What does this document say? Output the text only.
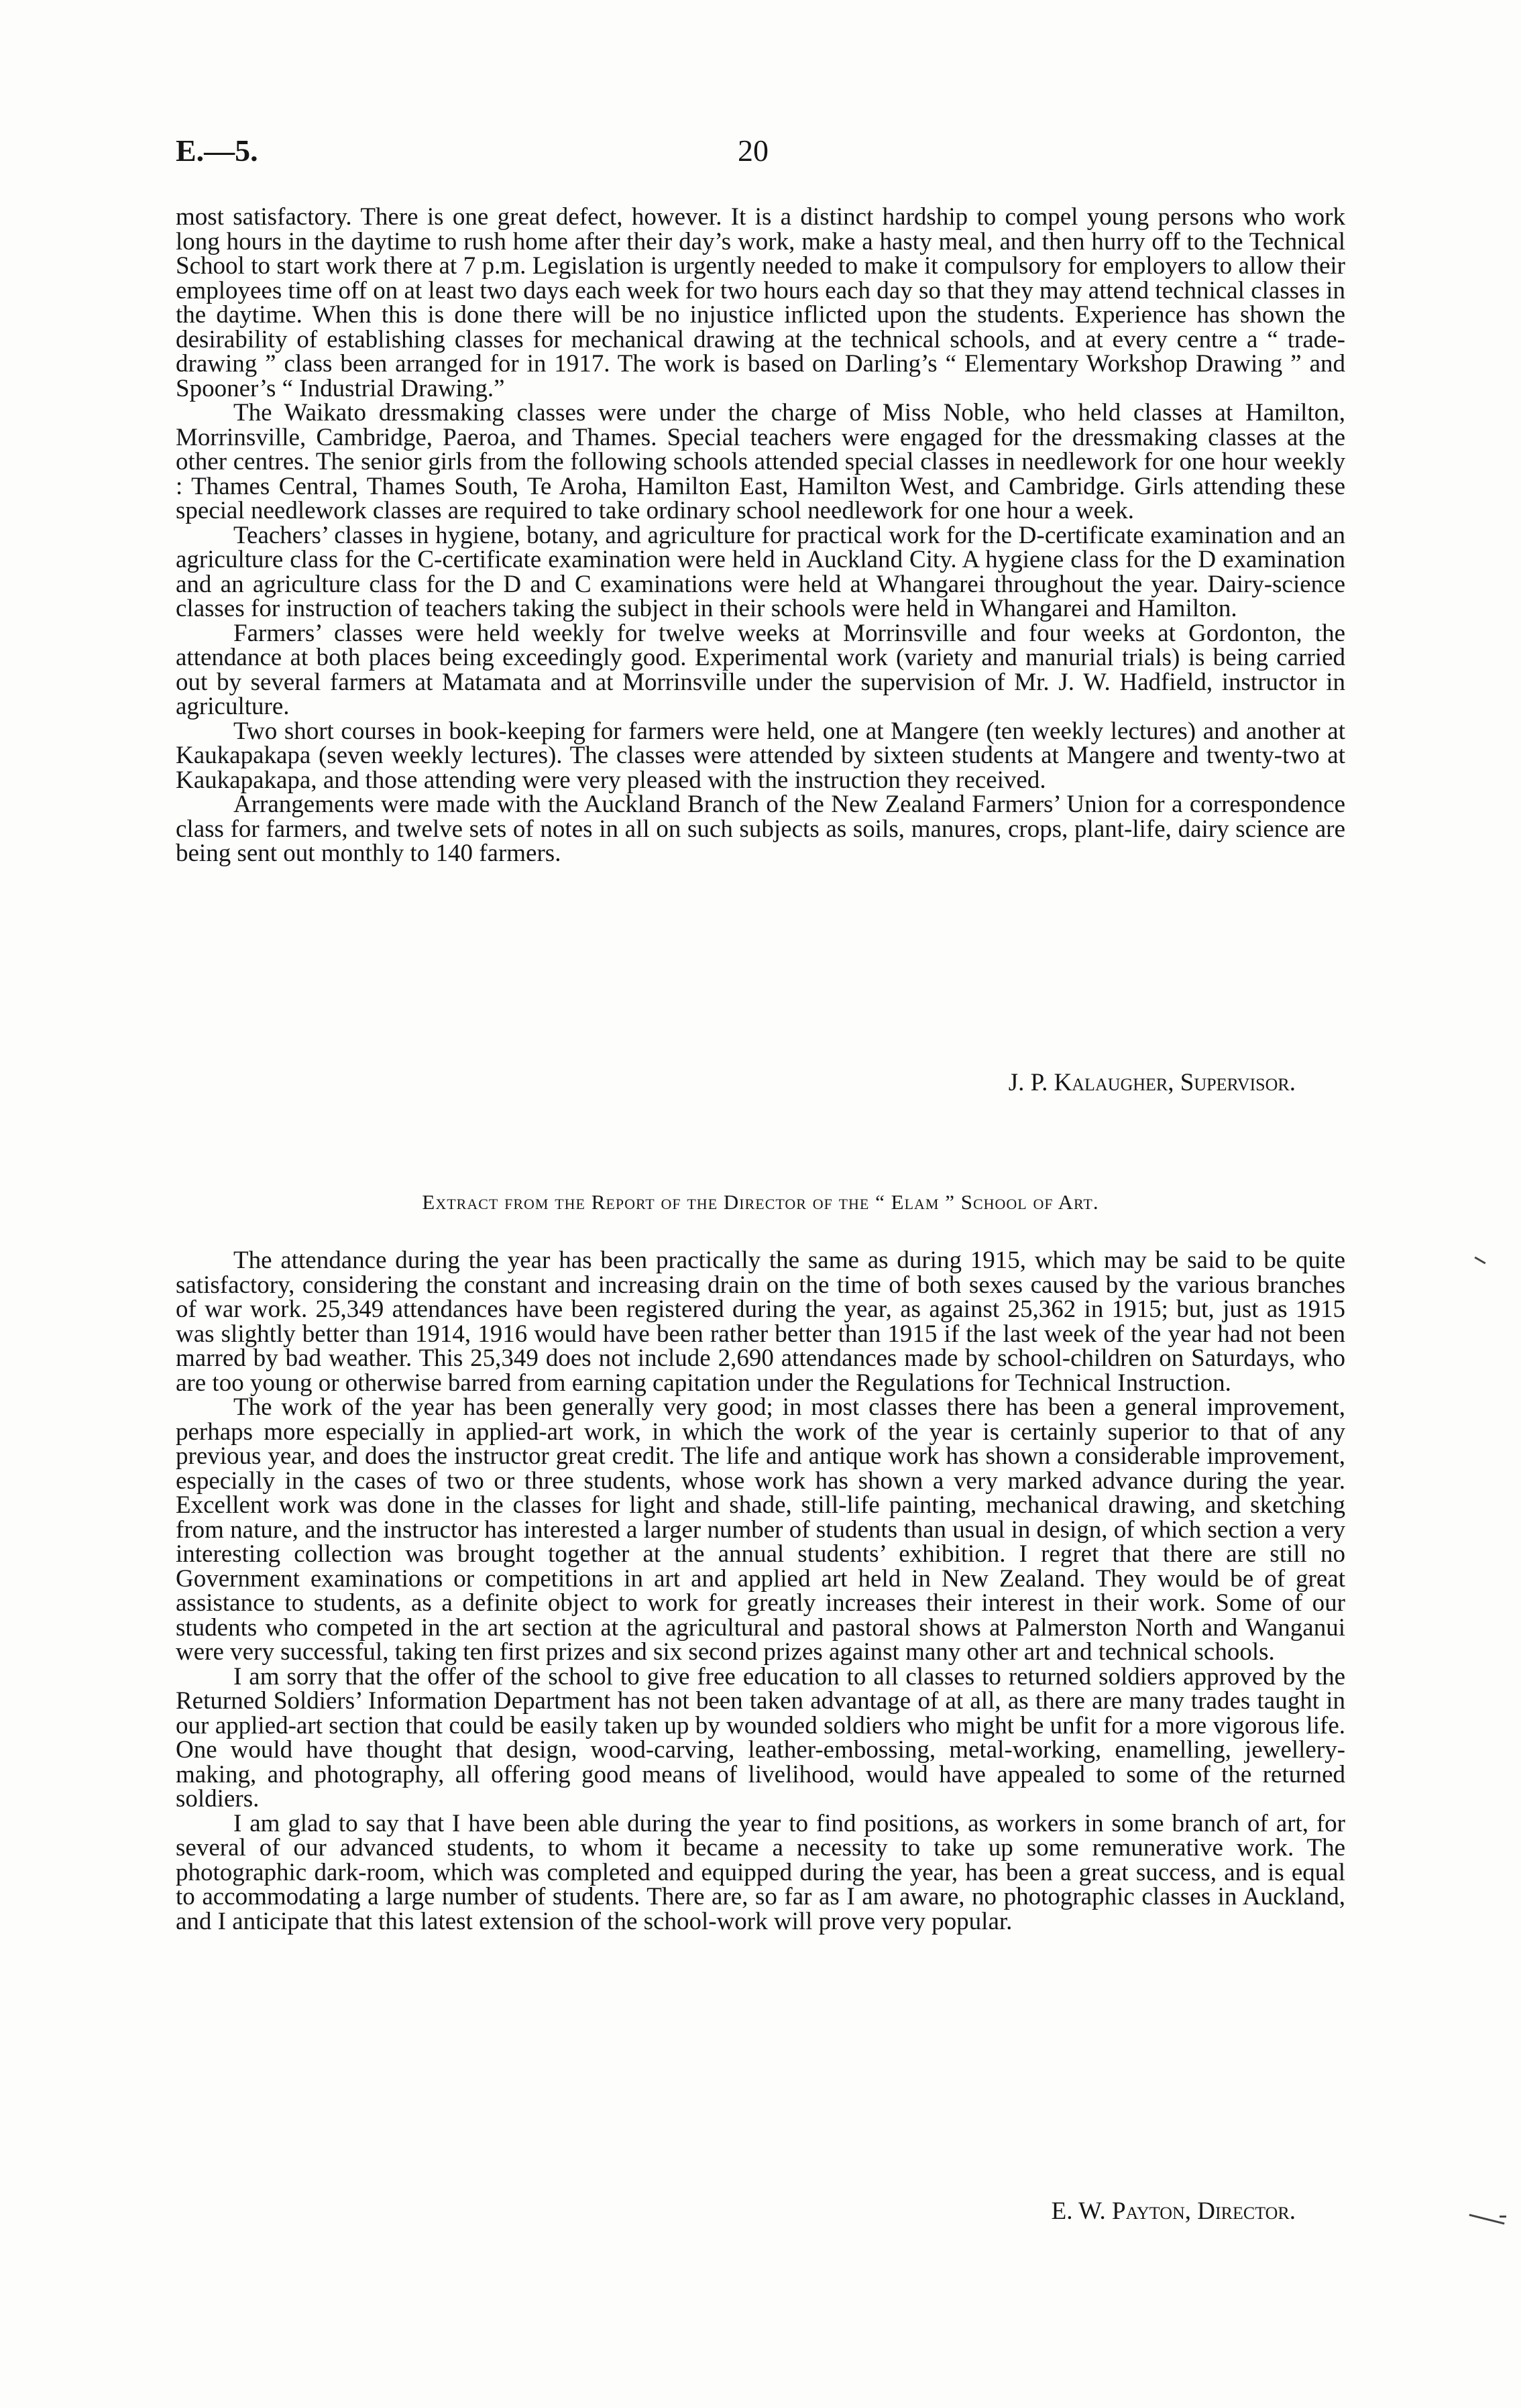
E.—5.	20

most satisfactory. There is one great defect, however. It is a distinct hardship to compel young persons who work long hours in the daytime to rush home after their day’s work, make a hasty meal, and then hurry off to the Technical School to start work there at 7 p.m. Legislation is urgently needed to make it compulsory for employers to allow their employees time off on at least two days each week for two hours each day so that they may attend technical classes in the daytime. When this is done there will be no injustice inflicted upon the students. Experience has shown the desirability of establishing classes for mechanical drawing at the technical schools, and at every centre a “ trade-drawing ” class been arranged for in 1917. The work is based on Darling’s “ Elementary Workshop Drawing ” and Spooner’s “ Industrial Drawing.”

The Waikato dressmaking classes were under the charge of Miss Noble, who held classes at Hamilton, Morrinsville, Cambridge, Paeroa, and Thames. Special teachers were engaged for the dressmaking classes at the other centres. The senior girls from the following schools attended special classes in needlework for one hour weekly : Thames Central, Thames South, Te Aroha, Hamilton East, Hamilton West, and Cambridge. Girls attending these special needlework classes are required to take ordinary school needlework for one hour a week.

Teachers’ classes in hygiene, botany, and agriculture for practical work for the D-certificate examination and an agriculture class for the C-certificate examination were held in Auckland City. A hygiene class for the D examination and an agriculture class for the D and C examinations were held at Whangarei throughout the year. Dairy-science classes for instruction of teachers taking the subject in their schools were held in Whangarei and Hamilton.

Farmers’ classes were held weekly for twelve weeks at Morrinsville and four weeks at Gordonton, the attendance at both places being exceedingly good. Experimental work (variety and manurial trials) is being carried out by several farmers at Matamata and at Morrinsville under the supervision of Mr. J. W. Hadfield, instructor in agriculture.

Two short courses in book-keeping for farmers were held, one at Mangere (ten weekly lectures) and another at Kaukapakapa (seven weekly lectures). The classes were attended by sixteen students at Mangere and twenty-two at Kaukapakapa, and those attending were very pleased with the instruction they received.

Arrangements were made with the Auckland Branch of the New Zealand Farmers’ Union for a correspondence class for farmers, and twelve sets of notes in all on such subjects as soils, manures, crops, plant-life, dairy science are being sent out monthly to 140 farmers.

J. P. Kalaugher, Supervisor.
Extract from the Report of the Director of the “ Elam ” School of Art.

The attendance during the year has been practically the same as during 1915, which may be said to be quite satisfactory, considering the constant and increasing drain on the time of both sexes caused by the various branches of war work. 25,349 attendances have been registered during the year, as against 25,362 in 1915; but, just as 1915 was slightly better than 1914, 1916 would have been rather better than 1915 if the last week of the year had not been marred by bad weather. This 25,349 does not include 2,690 attendances made by school-children on Saturdays, who are too young or otherwise barred from earning capitation under the Regulations for Technical Instruction.

The work of the year has been generally very good; in most classes there has been a general improvement, perhaps more especially in applied-art work, in which the work of the year is certainly superior to that of any previous year, and does the instructor great credit. The life and antique work has shown a considerable improvement, especially in the cases of two or three students, whose work has shown a very marked advance during the year. Excellent work was done in the classes for light and shade, still-life painting, mechanical drawing, and sketching from nature, and the instructor has interested a larger number of students than usual in design, of which section a very interesting collection was brought together at the annual students’ exhibition. I regret that there are still no Government examinations or competitions in art and applied art held in New Zealand. They would be of great assistance to students, as a definite object to work for greatly increases their interest in their work. Some of our students who competed in the art section at the agricultural and pastoral shows at Palmerston North and Wanganui were very successful, taking ten first prizes and six second prizes against many other art and technical schools.

I am sorry that the offer of the school to give free education to all classes to returned soldiers approved by the Returned Soldiers’ Information Department has not been taken advantage of at all, as there are many trades taught in our applied-art section that could be easily taken up by wounded soldiers who might be unfit for a more vigorous life. One would have thought that design, wood-carving, leather-embossing, metal-working, enamelling, jewellery-making, and photography, all offering good means of livelihood, would have appealed to some of the returned soldiers.

I am glad to say that I have been able during the year to find positions, as workers in some branch of art, for several of our advanced students, to whom it became a necessity to take up some remunerative work. The photographic dark-room, which was completed and equipped during the year, has been a great success, and is equal to accommodating a large number of students. There are, so far as I am aware, no photographic classes in Auckland, and I anticipate that this latest extension of the school-work will prove very popular.

E. W. Payton, Director.
